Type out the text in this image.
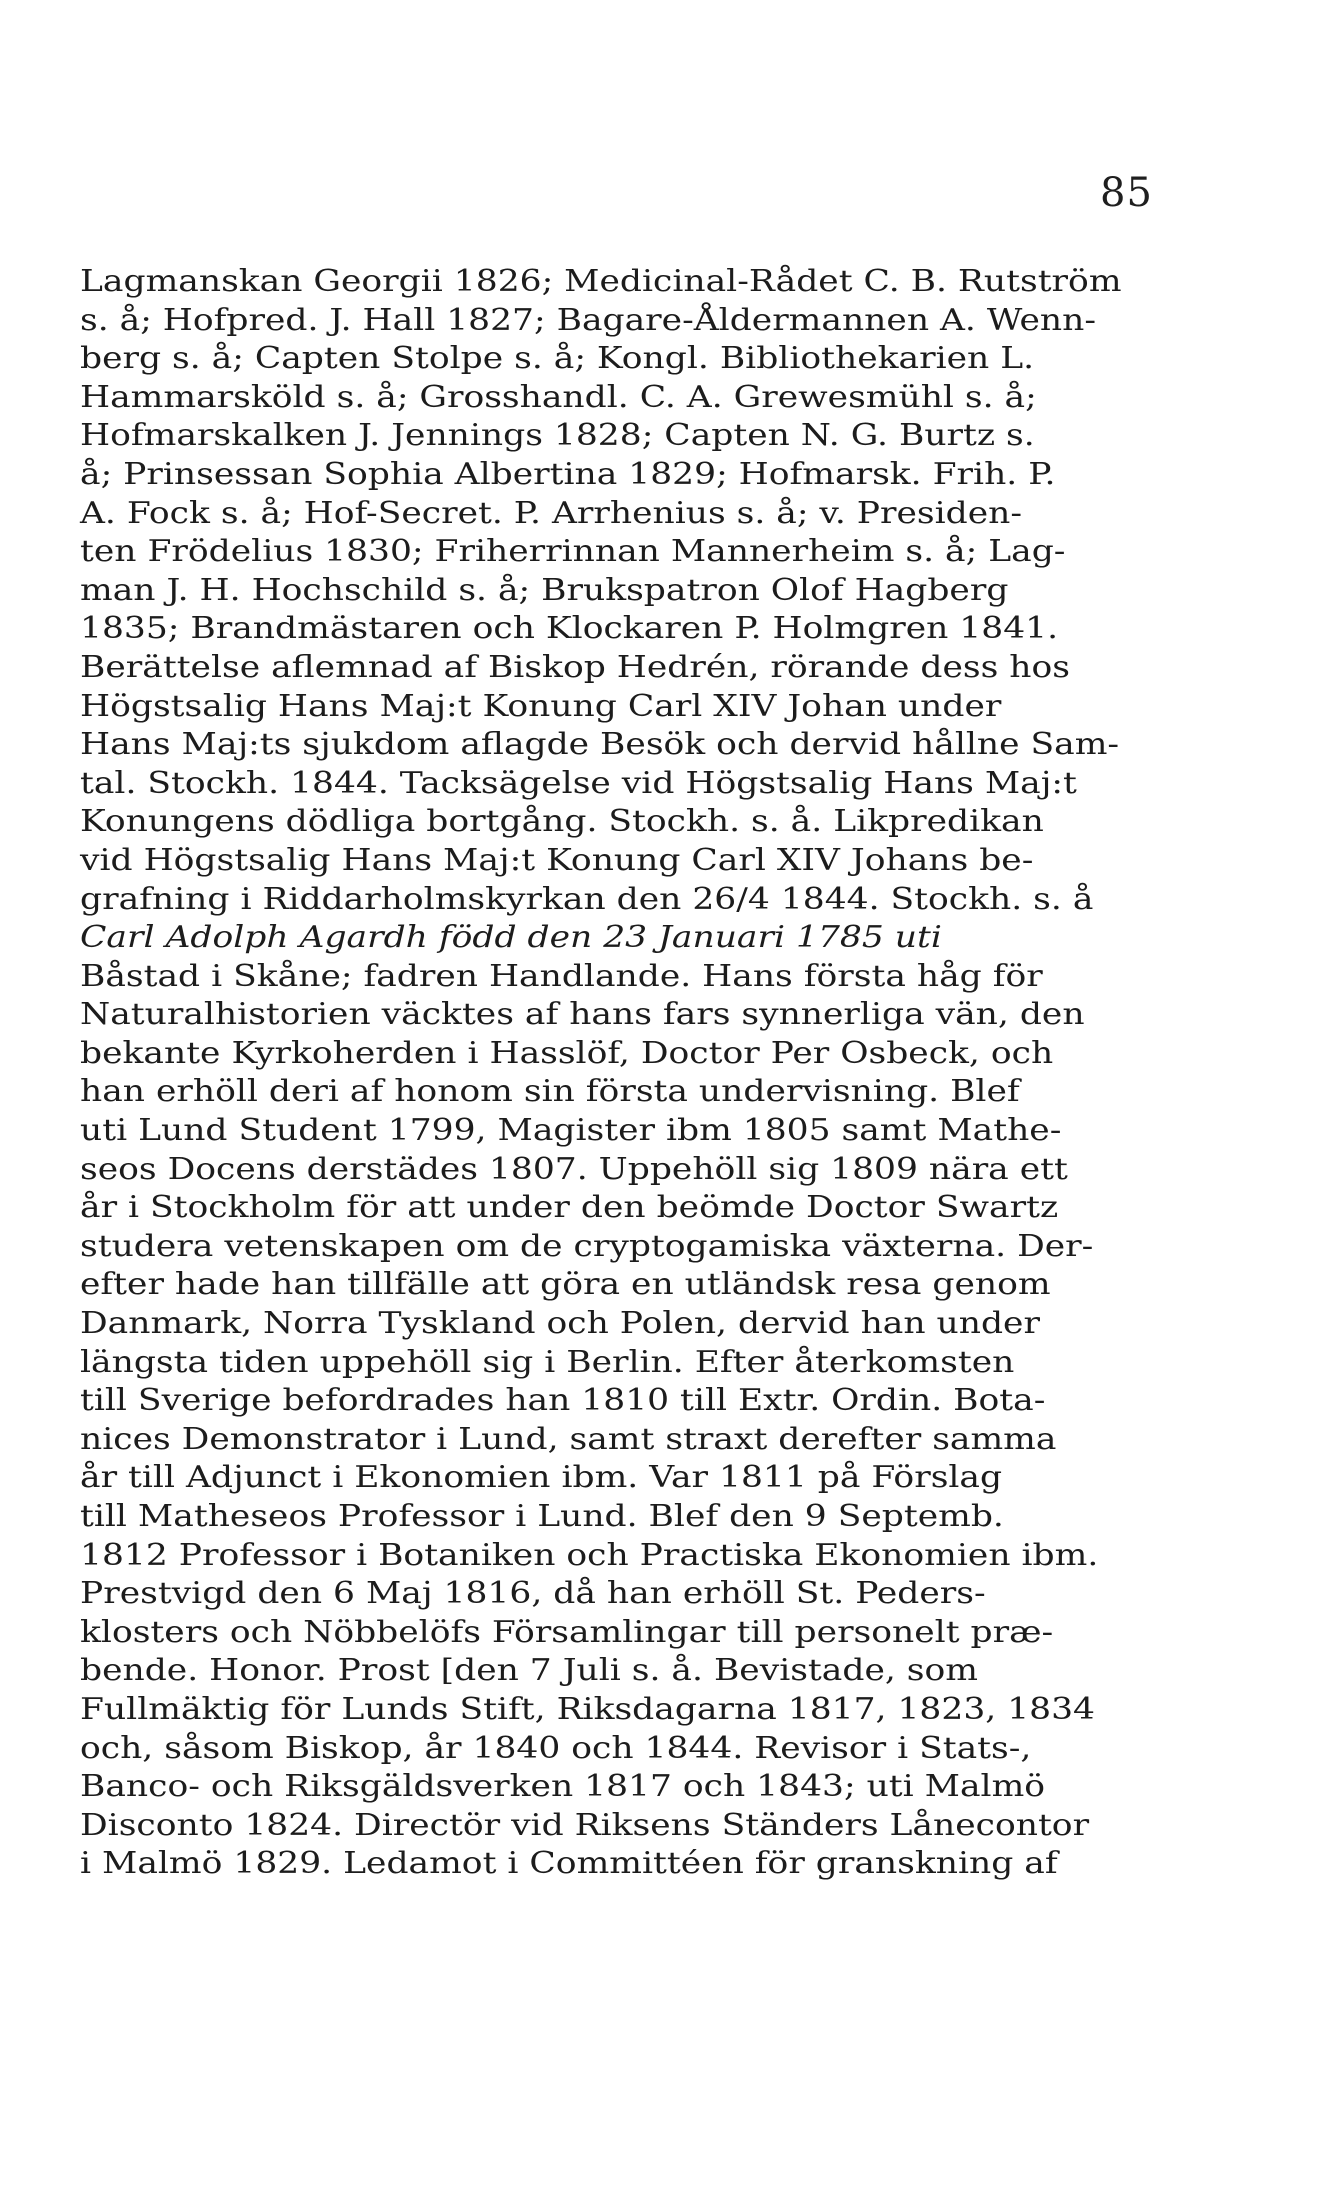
85
Lagmanskan Georgii 1826; Medicinal-Rådet C. B. Rutström
s. å; Hofpred. J. Hall 1827; Bagare-Åldermannen A. Wenn-
berg s. å; Capten Stolpe s. å; Kongl. Bibliothekarien L.
Hammarsköld s. å; Grosshandl. C. A. Grewesmühl s. å;
Hofmarskalken J. Jennings 1828; Capten N. G. Burtz s.
å; Prinsessan Sophia Albertina 1829; Hofmarsk. Frih. P.
A. Fock s. å; Hof-Secret. P. Arrhenius s. å; v. Presiden-
ten Frödelius 1830; Friherrinnan Mannerheim s. å; Lag-
man J. H. Hochschild s. å; Brukspatron Olof Hagberg
1835; Brandmästaren och Klockaren P. Holmgren 1841.
Berättelse aflemnad af Biskop Hedrén, rörande dess hos
Högstsalig Hans Maj:t Konung Carl XIV Johan under
Hans Maj:ts sjukdom aflagde Besök och dervid hållne Sam-
tal. Stockh. 1844. Tacksägelse vid Högstsalig Hans Maj:t
Konungens dödliga bortgång. Stockh. s. å. Likpredikan
vid Högstsalig Hans Maj:t Konung Carl XIV Johans be-
grafning i Riddarholmskyrkan den 26/4 1844. Stockh. s. å
Carl Adolph Agardh född den 23 Januari 1785 uti
Båstad i Skåne; fadren Handlande. Hans första håg för
Naturalhistorien väcktes af hans fars synnerliga vän, den
bekante Kyrkoherden i Hasslöf, Doctor Per Osbeck, och
han erhöll deri af honom sin första undervisning. Blef
uti Lund Student 1799, Magister ibm 1805 samt Mathe-
seos Docens derstädes 1807. Uppehöll sig 1809 nära ett
år i Stockholm för att under den beömde Doctor Swartz
studera vetenskapen om de cryptogamiska växterna. Der-
efter hade han tillfälle att göra en utländsk resa genom
Danmark, Norra Tyskland och Polen, dervid han under
längsta tiden uppehöll sig i Berlin. Efter återkomsten
till Sverige befordrades han 1810 till Extr. Ordin. Bota-
nices Demonstrator i Lund, samt straxt derefter samma
år till Adjunct i Ekonomien ibm. Var 1811 på Förslag
till Matheseos Professor i Lund. Blef den 9 Septemb.
1812 Professor i Botaniken och Practiska Ekonomien ibm.
Prestvigd den 6 Maj 1816, då han erhöll St. Peders-
klosters och Nöbbelöfs Församlingar till personelt præ-
bende. Honor. Prost [den 7 Juli s. å. Bevistade, som
Fullmäktig för Lunds Stift, Riksdagarna 1817, 1823, 1834
och, såsom Biskop, år 1840 och 1844. Revisor i Stats-,
Banco- och Riksgäldsverken 1817 och 1843; uti Malmö
Disconto 1824. Directör vid Riksens Ständers Lånecontor
i Malmö 1829. Ledamot i Committéen för granskning af
